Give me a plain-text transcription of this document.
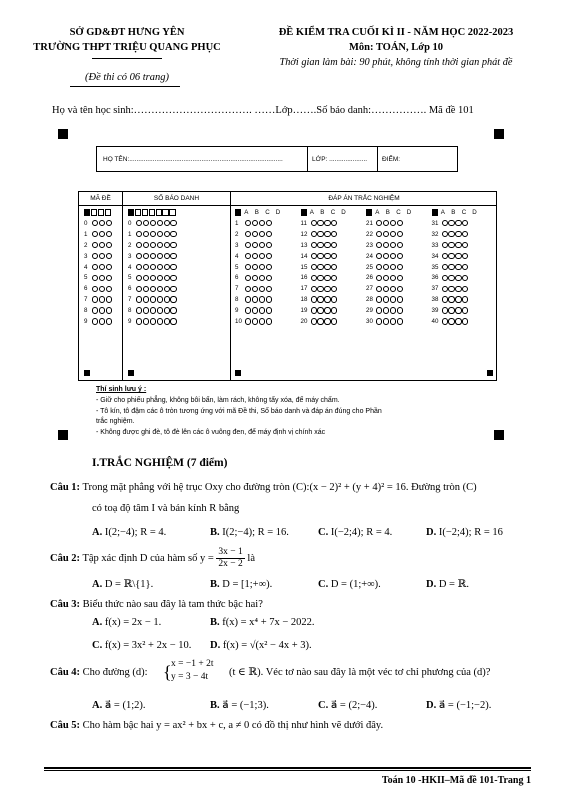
SỞ GD&ĐT HƯNG YÊN
TRƯỜNG THPT TRIỆU QUANG PHỤC
(Đề thi có 06 trang)
ĐỀ KIỂM TRA CUỐI KÌ II - NĂM HỌC 2022-2023
Môn: TOÁN, Lớp 10
Thời gian làm bài: 90 phút, không tính thời gian phát đề
Họ và tên học sinh:……………………………. ……Lớp…….Số báo danh:……………. Mã đề 101
HỌ TÊN:.....................................................................................	LỚP: ..................... ĐIỂM:
MÃ ĐỀ
0
1
2
3
4
5
6
7
8
9
SỐ BÁO DANH
0
1
2
3
4
5
6
7
8
9
ĐÁP ÁN TRẮC NGHIỆM
A B C D
1
2
3
4
5
6
7
8
9
10
A B C D
11
12
13
14
15
16
17
18
19
20
A B C D
21
22
23
24
25
26
27
28
29
30
A B C D
31
32
33
34
35
36
37
38
39
40
Thí sinh lưu ý :
- Giữ cho phiếu phẳng, không bôi bẩn, làm rách, không tẩy xóa, để máy chấm.
- Tô kín, tô đậm các ô tròn tương ứng với mã Đề thi, Số báo danh và đáp án đúng cho Phần
trắc nghiệm.
- Không được ghi đè, tô đè lên các ô vuông đen, để máy định vị chính xác
I.TRẮC NGHIỆM (7 điểm)
Câu 1: Trong mặt phẳng với hệ trục Oxy cho đường tròn (C):(x − 2)² + (y + 4)² = 16. Đường tròn (C)
có toạ độ tâm I và bán kính R bằng
A. I(2;−4); R = 4.	B. I(2;−4); R = 16.	C. I(−2;4); R = 4.	D. I(−2;4); R = 16
Câu 2: Tập xác định D của hàm số $y = \frac{3x - 1}{2x - 2}$ là
A. D = ℝ\{1}.	B. D = [1;+∞).	C. D = (1;+∞).	D. D = ℝ.
Câu 3: Biểu thức nào sau đây là tam thức bậc hai?
A. f(x) = 2x − 1.	B. f(x) = x⁴ + 7x − 2022.
C. f(x) = 3x² + 2x − 10. D. f(x) = √(x² − 4x + 3).
Câu 4: Cho đường (d): { x = −1 + 2t
y = 3 − 4t	(t ∈ ℝ). Véc tơ nào sau đây là một véc tơ chỉ phương của (d)?
A. a⃗ = (1;2).	B. a⃗ = (−1;3).	C. a⃗ = (2;−4).	D. a⃗ = (−1;−2).
Câu 5: Cho hàm bậc hai y = ax² + bx + c, a ≠ 0 có đồ thị như hình vẽ dưới đây.
Toán 10 -HKII–Mã đề 101-Trang 1
